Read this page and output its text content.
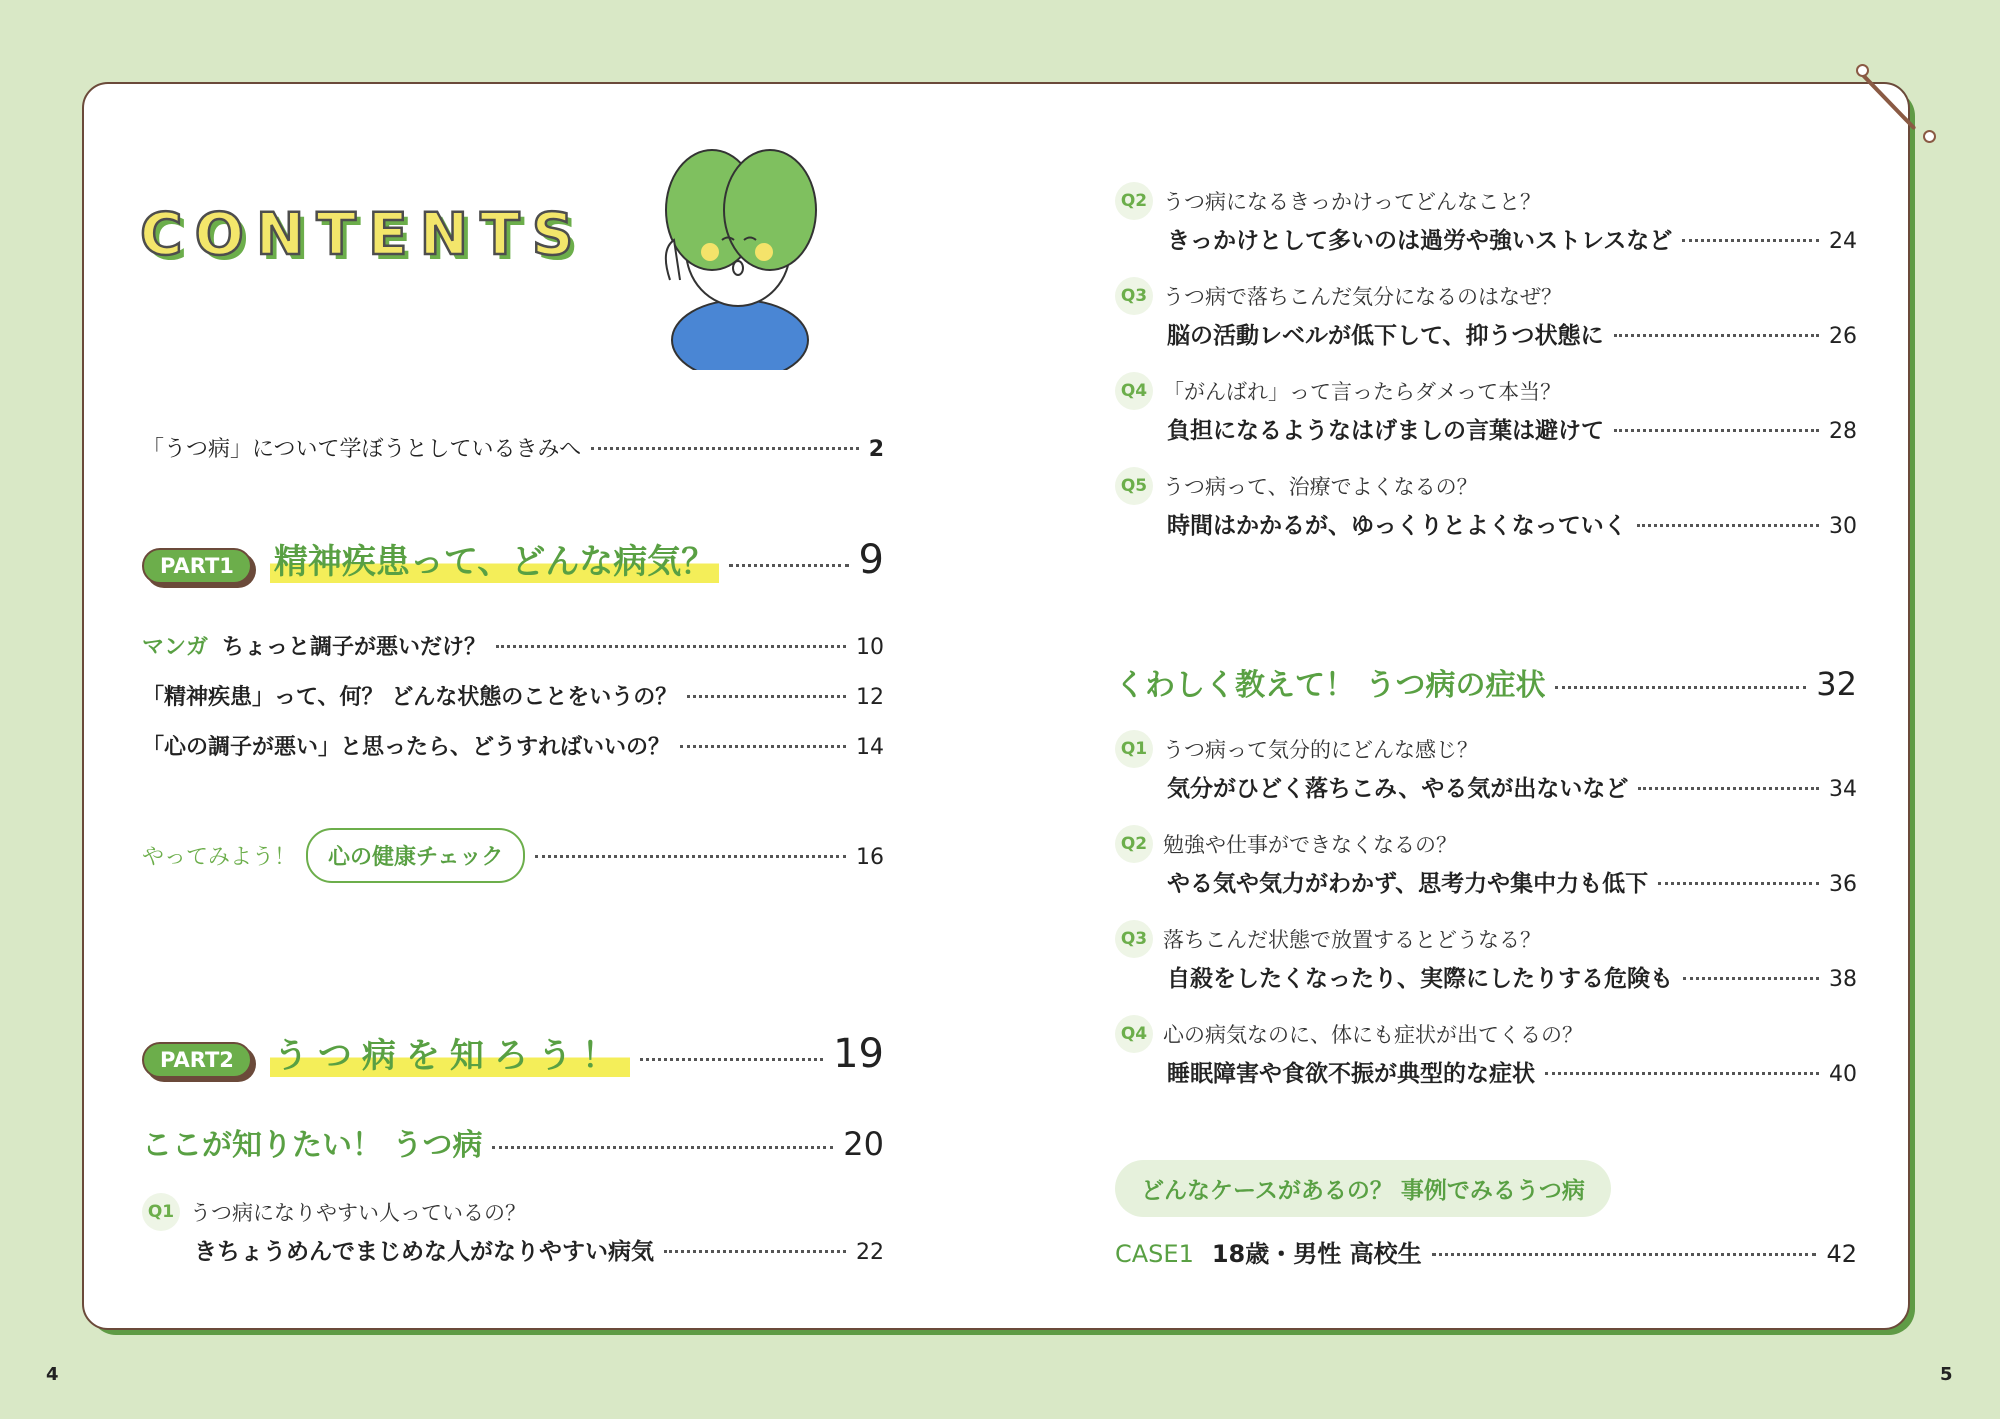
CONTENTS
「うつ病」について学ぼうとしているきみへ	2
PART1	精神疾患って、どんな病気？	9
マンガ ちょっと調子が悪いだけ？	10
「精神疾患」って、何？ どんな状態のことをいうの？	12
「心の調子が悪い」と思ったら、どうすればいいの？	14
やってみよう！	心の健康チェック	16
PART2	うつ病を知ろう！	19
ここが知りたい！ うつ病	20
Q1 うつ病になりやすい人っているの？
きちょうめんでまじめな人がなりやすい病気	22
Q2 うつ病になるきっかけってどんなこと？
きっかけとして多いのは過労や強いストレスなど	24
Q3 うつ病で落ちこんだ気分になるのはなぜ？
脳の活動レベルが低下して、抑うつ状態に	26
Q4 「がんばれ」って言ったらダメって本当？
負担になるようなはげましの言葉は避けて	28
Q5 うつ病って、治療でよくなるの？
時間はかかるが、ゆっくりとよくなっていく	30
くわしく教えて！ うつ病の症状	32
Q1 うつ病って気分的にどんな感じ？
気分がひどく落ちこみ、やる気が出ないなど	34
Q2 勉強や仕事ができなくなるの？
やる気や気力がわかず、思考力や集中力も低下	36
Q3 落ちこんだ状態で放置するとどうなる？
自殺をしたくなったり、実際にしたりする危険も	38
Q4 心の病気なのに、体にも症状が出てくるの？
睡眠障害や食欲不振が典型的な症状	40
どんなケースがあるの？ 事例でみるうつ病
CASE1 18歳・男性 高校生	42
4	5
